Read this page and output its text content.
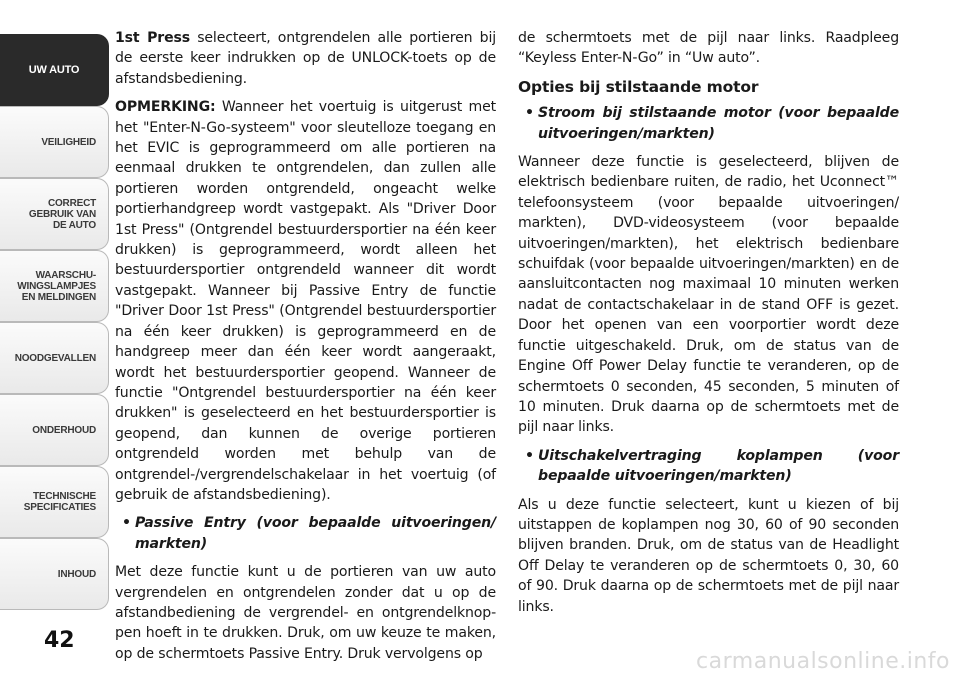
UW AUTO
VEILIGHEID
CORRECT
GEBRUIK VAN
DE AUTO
WAARSCHU-
WINGSLAMPJES
EN MELDINGEN
NOODGEVALLEN
ONDERHOUD
TECHNISCHE
SPECIFICATIES
INHOUD
42

1st Press selecteert, ontgrendelen alle portieren bij de eerste keer indrukken op de UNLOCK-toets op de afstandsbediening.

OPMERKING: Wanneer het voertuig is uitgerust met het "Enter-N-Go-systeem" voor sleutelloze toegang en het EVIC is geprogrammeerd om alle portieren na eenmaal drukken te ontgrendelen, dan zullen alle portieren worden ontgrendeld, ongeacht welke portierhandgreep wordt vastgepakt. Als "Driver Door 1st Press" (Ontgrendel bestuurdersportier na één keer drukken) is geprogrammeerd, wordt alleen het bestuurdersportier ontgrendeld wanneer dit wordt vastgepakt. Wanneer bij Passive Entry de functie "Driver Door 1st Press" (Ontgrendel bestuurdersportier na één keer drukken) is geprogrammeerd en de handgreep meer dan één keer wordt aangeraakt, wordt het bestuurdersportier geopend. Wanneer de functie "Ontgrendel bestuurdersportier na één keer drukken" is geselecteerd en het bestuurdersportier is geopend, dan kunnen de overige portieren ontgrendeld worden met behulp van de ontgrendel-/vergrendelschakelaar in het voertuig (of gebruik de afstandsbediening).

• Passive Entry (voor bepaalde uitvoeringen/ markten)

Met deze functie kunt u de portieren van uw auto vergrendelen en ontgrendelen zonder dat u op de afstandbediening de vergrendel- en ontgrendelknop-pen hoeft in te drukken. Druk, om uw keuze te maken, op de schermtoets Passive Entry. Druk vervolgens op

de schermtoets met de pijl naar links. Raadpleeg “Keyless Enter-N-Go” in “Uw auto”.

Opties bij stilstaande motor

• Stroom bij stilstaande motor (voor bepaalde uitvoeringen/markten)

Wanneer deze functie is geselecteerd, blijven de elektrisch bedienbare ruiten, de radio, het Uconnect™ telefoonsysteem (voor bepaalde uitvoeringen/ markten), DVD-videosysteem (voor bepaalde uitvoeringen/markten), het elektrisch bedienbare schuifdak (voor bepaalde uitvoeringen/markten) en de aansluitcontacten nog maximaal 10 minuten werken nadat de contactschakelaar in de stand OFF is gezet. Door het openen van een voorportier wordt deze functie uitgeschakeld. Druk, om de status van de Engine Off Power Delay functie te veranderen, op de schermtoets 0 seconden, 45 seconden, 5 minuten of 10 minuten. Druk daarna op de schermtoets met de pijl naar links.

• Uitschakelvertraging koplampen (voor bepaalde uitvoeringen/markten)

Als u deze functie selecteert, kunt u kiezen of bij uitstappen de koplampen nog 30, 60 of 90 seconden blijven branden. Druk, om de status van de Headlight Off Delay te veranderen op de schermtoets 0, 30, 60 of 90. Druk daarna op de schermtoets met de pijl naar links.

carmanualsonline.info
